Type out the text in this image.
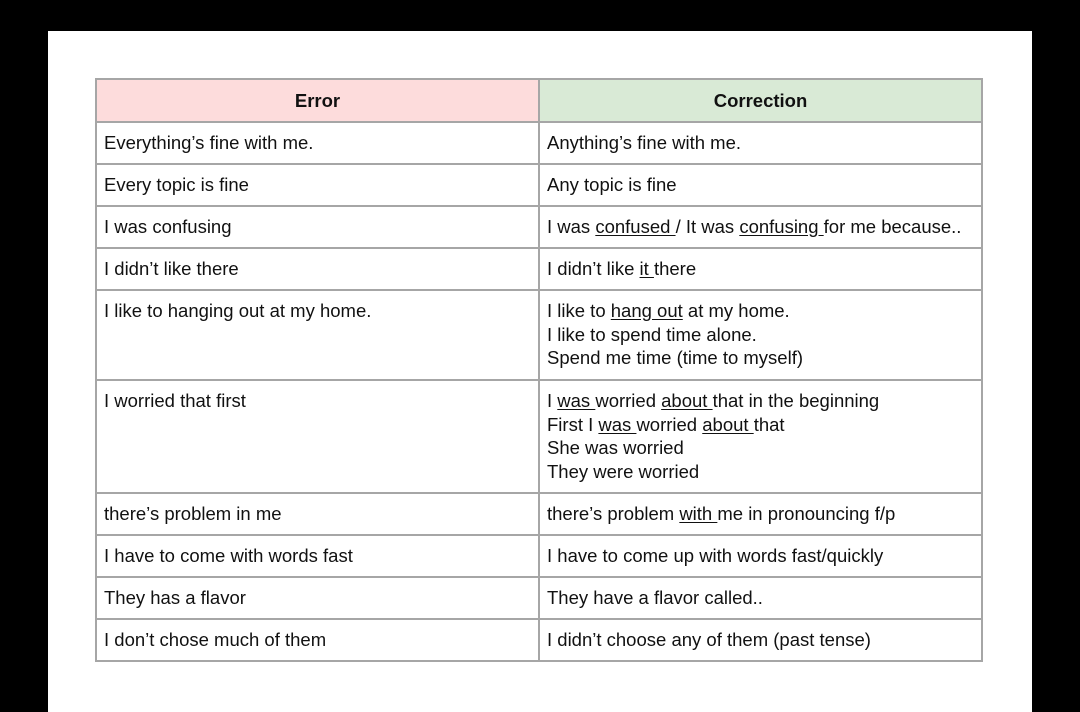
Error	Correction
Everything’s fine with me.	Anything’s fine with me.

Every topic is fine	Any topic is fine

I was confusing	I was confused / It was confusing for me because..

I didn’t like there	I didn’t like it there

I like to hanging out at my home.	I like to hang out at my home.
I like to spend time alone.
Spend me time (time to myself)

I worried that first	I was worried about that in the beginning
First I was worried about that
She was worried
They were worried

there’s problem in me	there’s problem with me in pronouncing f/p

I have to come with words fast	I have to come up with words fast/quickly

They has a flavor	They have a flavor called..

I don’t chose much of them	I didn’t choose any of them (past tense)
